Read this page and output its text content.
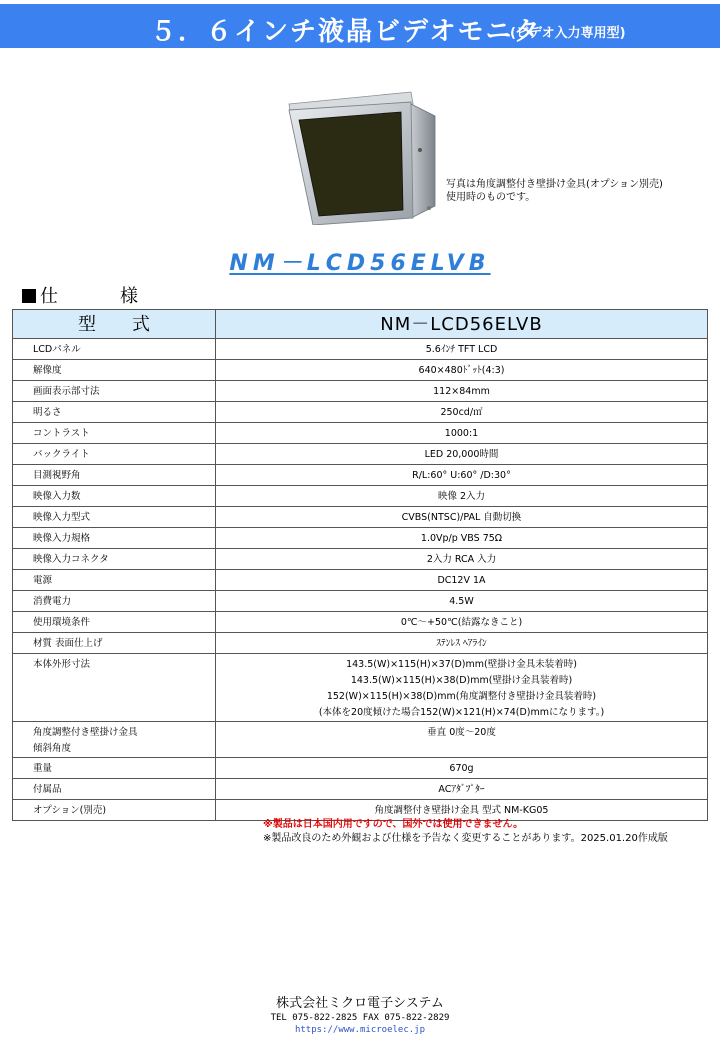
５．６インチ液晶ビデオモニタ
(ビデオ入力専用型)
写真は角度調整付き壁掛け金具(オプション別売)
使用時のものです。
NM－LCD56ELVB
仕	様
型式	NM－LCD56ELVB
LCDパネル	5.6ｲﾝﾁ TFT LCD
解像度	640×480ﾄﾞｯﾄ(4:3)
画面表示部寸法	112×84mm
明るさ	250cd/㎡
コントラスト	1000:1
バックライト	LED 20,000時間
目測視野角	R/L:60° U:60° /D:30°
映像入力数	映像 2入力
映像入力型式	CVBS(NTSC)/PAL 自動切換
映像入力規格	1.0Vp/p VBS 75Ω
映像入力コネクタ	2入力 RCA 入力
電源	DC12V 1A
消費電力	4.5W
使用環境条件	0℃～+50℃(結露なきこと)
材質 表面仕上げ	ｽﾃﾝﾚｽ ﾍｱﾗｲﾝ
本体外形寸法	143.5(W)×115(H)×37(D)mm(壁掛け金具未装着時)
143.5(W)×115(H)×38(D)mm(壁掛け金具装着時)
152(W)×115(H)×38(D)mm(角度調整付き壁掛け金具装着時)
(本体を20度傾けた場合152(W)×121(H)×74(D)mmになります。)

角度調整付き壁掛け金具
傾斜角度	垂直 0度～20度
重量	670g
付属品	ACｱﾀﾞﾌﾟﾀｰ
オプション(別売)	角度調整付き壁掛け金具 型式 NM-KG05
※製品は日本国内用ですので、国外では使用できません。
※製品改良のため外観および仕様を予告なく変更することがあります。2025.01.20作成版
株式会社ミクロ電子システム
TEL 075-822-2825 FAX 075-822-2829
https://www.microelec.jp
